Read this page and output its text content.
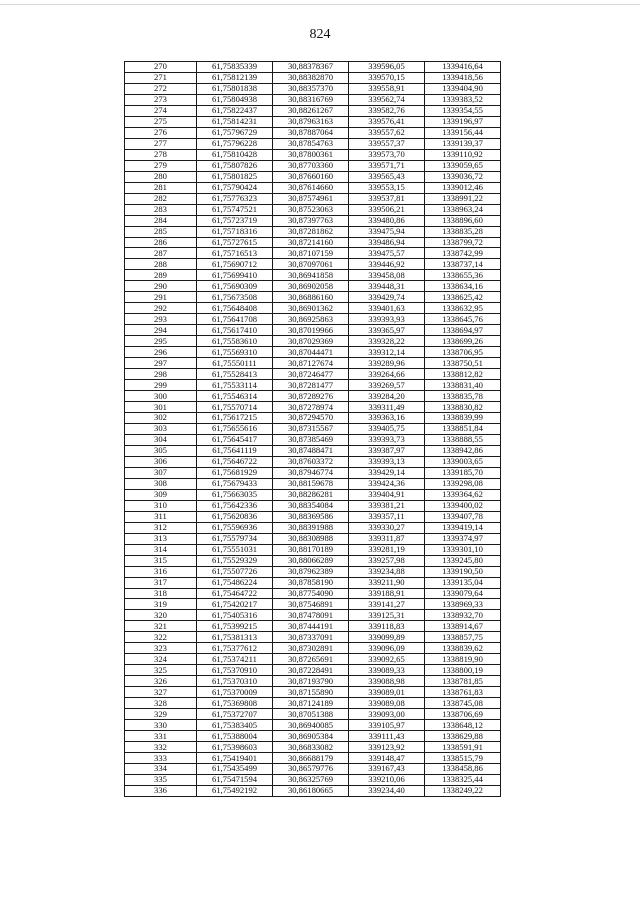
824
270	61,75835339	30,88378367	339596,05	1339416,64
271	61,75812139	30,88382870	339570,15	1339418,56
272	61,75801838	30,88357370	339558,91	1339404,90
273	61,75804938	30,88316769	339562,74	1339383,52
274	61,75822437	30,88261267	339582,76	1339354,55
275	61,75814231	30,87963163	339576,41	1339196,97
276	61,75796729	30,87887064	339557,62	1339156,44
277	61,75796228	30,87854763	339557,37	1339139,37
278	61,75810428	30,87800361	339573,70	1339110,92
279	61,75807826	30,87703360	339571,71	1339059,65
280	61,75801825	30,87660160	339565,43	1339036,72
281	61,75790424	30,87614660	339553,15	1339012,46
282	61,75776323	30,87574961	339537,81	1338991,22
283	61,75747521	30,87523063	339506,21	1338963,24
284	61,75723719	30,87397763	339480,86	1338896,60
285	61,75718316	30,87281862	339475,94	1338835,28
286	61,75727615	30,87214160	339486,94	1338799,72
287	61,75716513	30,87107159	339475,57	1338742,99
288	61,75690712	30,87097061	339446,92	1338737,14
289	61,75699410	30,86941858	339458,08	1338655,36
290	61,75690309	30,86902058	339448,31	1338634,16
291	61,75673508	30,86886160	339429,74	1338625,42
292	61,75648408	30,86901362	339401,63	1338632,95
293	61,75641708	30,86925863	339393,93	1338645,76
294	61,75617410	30,87019966	339365,97	1338694,97
295	61,75583610	30,87029369	339328,22	1338699,26
296	61,75569310	30,87044471	339312,14	1338706,95
297	61,75550111	30,87127674	339289,96	1338750,51
298	61,75528413	30,87246477	339264,66	1338812,82
299	61,75533114	30,87281477	339269,57	1338831,40
300	61,75546314	30,87289276	339284,20	1338835,78
301	61,75570714	30,87278974	339311,49	1338830,82
302	61,75617215	30,87294570	339363,16	1338839,99
303	61,75655616	30,87315567	339405,75	1338851,84
304	61,75645417	30,87385469	339393,73	1338888,55
305	61,75641119	30,87488471	339387,97	1338942,86
306	61,75646722	30,87603372	339393,13	1339003,65
307	61,75681929	30,87946774	339429,14	1339185,70
308	61,75679433	30,88159678	339424,36	1339298,08
309	61,75663035	30,88286281	339404,91	1339364,62
310	61,75642336	30,88354084	339381,21	1339400,02
311	61,75620836	30,88369586	339357,11	1339407,78
312	61,75596936	30,88391988	339330,27	1339419,14
313	61,75579734	30,88308988	339311,87	1339374,97
314	61,75551031	30,88170189	339281,19	1339301,10
315	61,75529329	30,88066289	339257,98	1339245,80
316	61,75507726	30,87962389	339234,88	1339190,50
317	61,75486224	30,87858190	339211,90	1339135,04
318	61,75464722	30,87754090	339188,91	1339079,64
319	61,75420217	30,87546891	339141,27	1338969,33
320	61,75405316	30,87478091	339125,31	1338932,70
321	61,75399215	30,87444191	339118,83	1338914,67
322	61,75381313	30,87337091	339099,89	1338857,75
323	61,75377612	30,87302891	339096,09	1338839,62
324	61,75374211	30,87265691	339092,65	1338819,90
325	61,75370910	30,87228491	339089,33	1338800,19
326	61,75370310	30,87193790	339088,98	1338781,85
327	61,75370009	30,87155890	339089,01	1338761,83
328	61,75369808	30,87124189	339089,08	1338745,08
329	61,75372707	30,87051388	339093,00	1338706,69
330	61,75383405	30,86940085	339105,97	1338648,12
331	61,75388004	30,86905384	339111,43	1338629,88
332	61,75398603	30,86833082	339123,92	1338591,91
333	61,75419401	30,86688179	339148,47	1338515,79
334	61,75435499	30,86579776	339167,43	1338458,86
335	61,75471594	30,86325769	339210,06	1338325,44
336	61,75492192	30,86180665	339234,40	1338249,22
